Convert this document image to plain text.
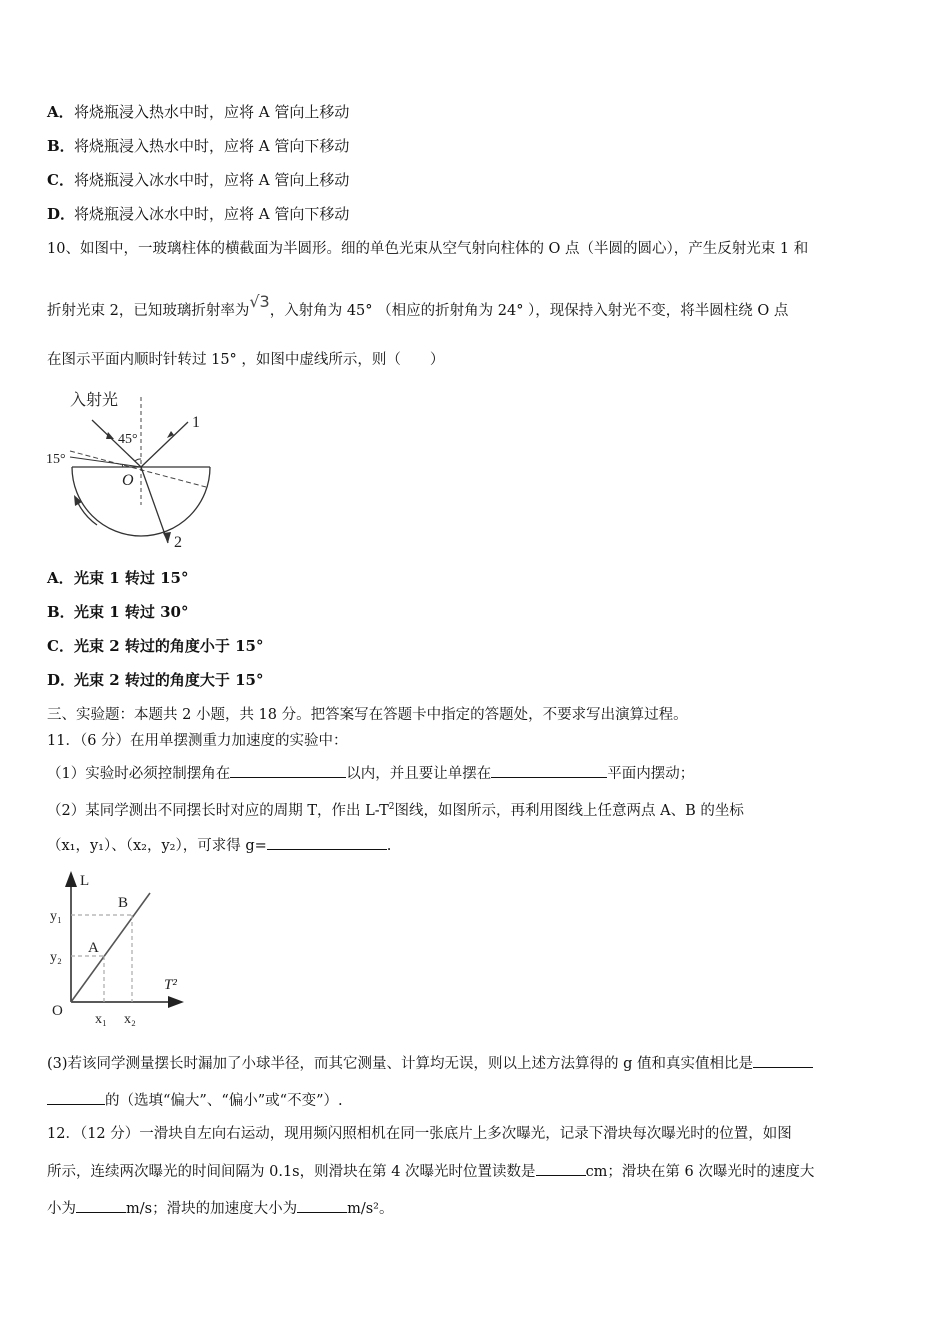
A．将烧瓶浸入热水中时，应将 A 管向上移动
B．将烧瓶浸入热水中时，应将 A 管向下移动
C．将烧瓶浸入冰水中时，应将 A 管向上移动
D．将烧瓶浸入冰水中时，应将 A 管向下移动
10、如图中，一玻璃柱体的横截面为半圆形。细的单色光束从空气射向柱体的 O 点（半圆的圆心），产生反射光束 1 和
折射光束 2，已知玻璃折射率为√3，入射角为 45° （相应的折射角为 24° ），现保持入射光不变，将半圆柱绕 O 点
在图示平面内顺时针转过 15° ，如图中虚线所示，则（　　）
入射光
45°
15°
O
1
2
A．光束 1 转过 15°
B．光束 1 转过 30°
C．光束 2 转过的角度小于 15°
D．光束 2 转过的角度大于 15°
三、实验题：本题共 2 小题，共 18 分。把答案写在答题卡中指定的答题处，不要求写出演算过程。
11．（6 分）在用单摆测重力加速度的实验中：
（1）实验时必须控制摆角在	以内，并且要让单摆在	平面内摆动；
（2）某同学测出不同摆长时对应的周期 T，作出 $L-T^2$图线，如图所示，再利用图线上任意两点 A、B 的坐标
（x₁，y₁）、（x₂，y₂），可求得 g=	.
L
T²
O
A
B
y₁
y₂
x₁ x₂
(3)若该同学测量摆长时漏加了小球半径，而其它测量、计算均无误，则以上述方法算得的 g 值和真实值相比是
的（选填“偏大”、“偏小”或“不变”）.
12．（12 分）一滑块自左向右运动，现用频闪照相机在同一张底片上多次曝光，记录下滑块每次曝光时的位置，如图
所示，连续两次曝光的时间间隔为 0.1s，则滑块在第 4 次曝光时位置读数是	cm；滑块在第 6 次曝光时的速度大
小为	m/s；滑块的加速度大小为	m/s²。
